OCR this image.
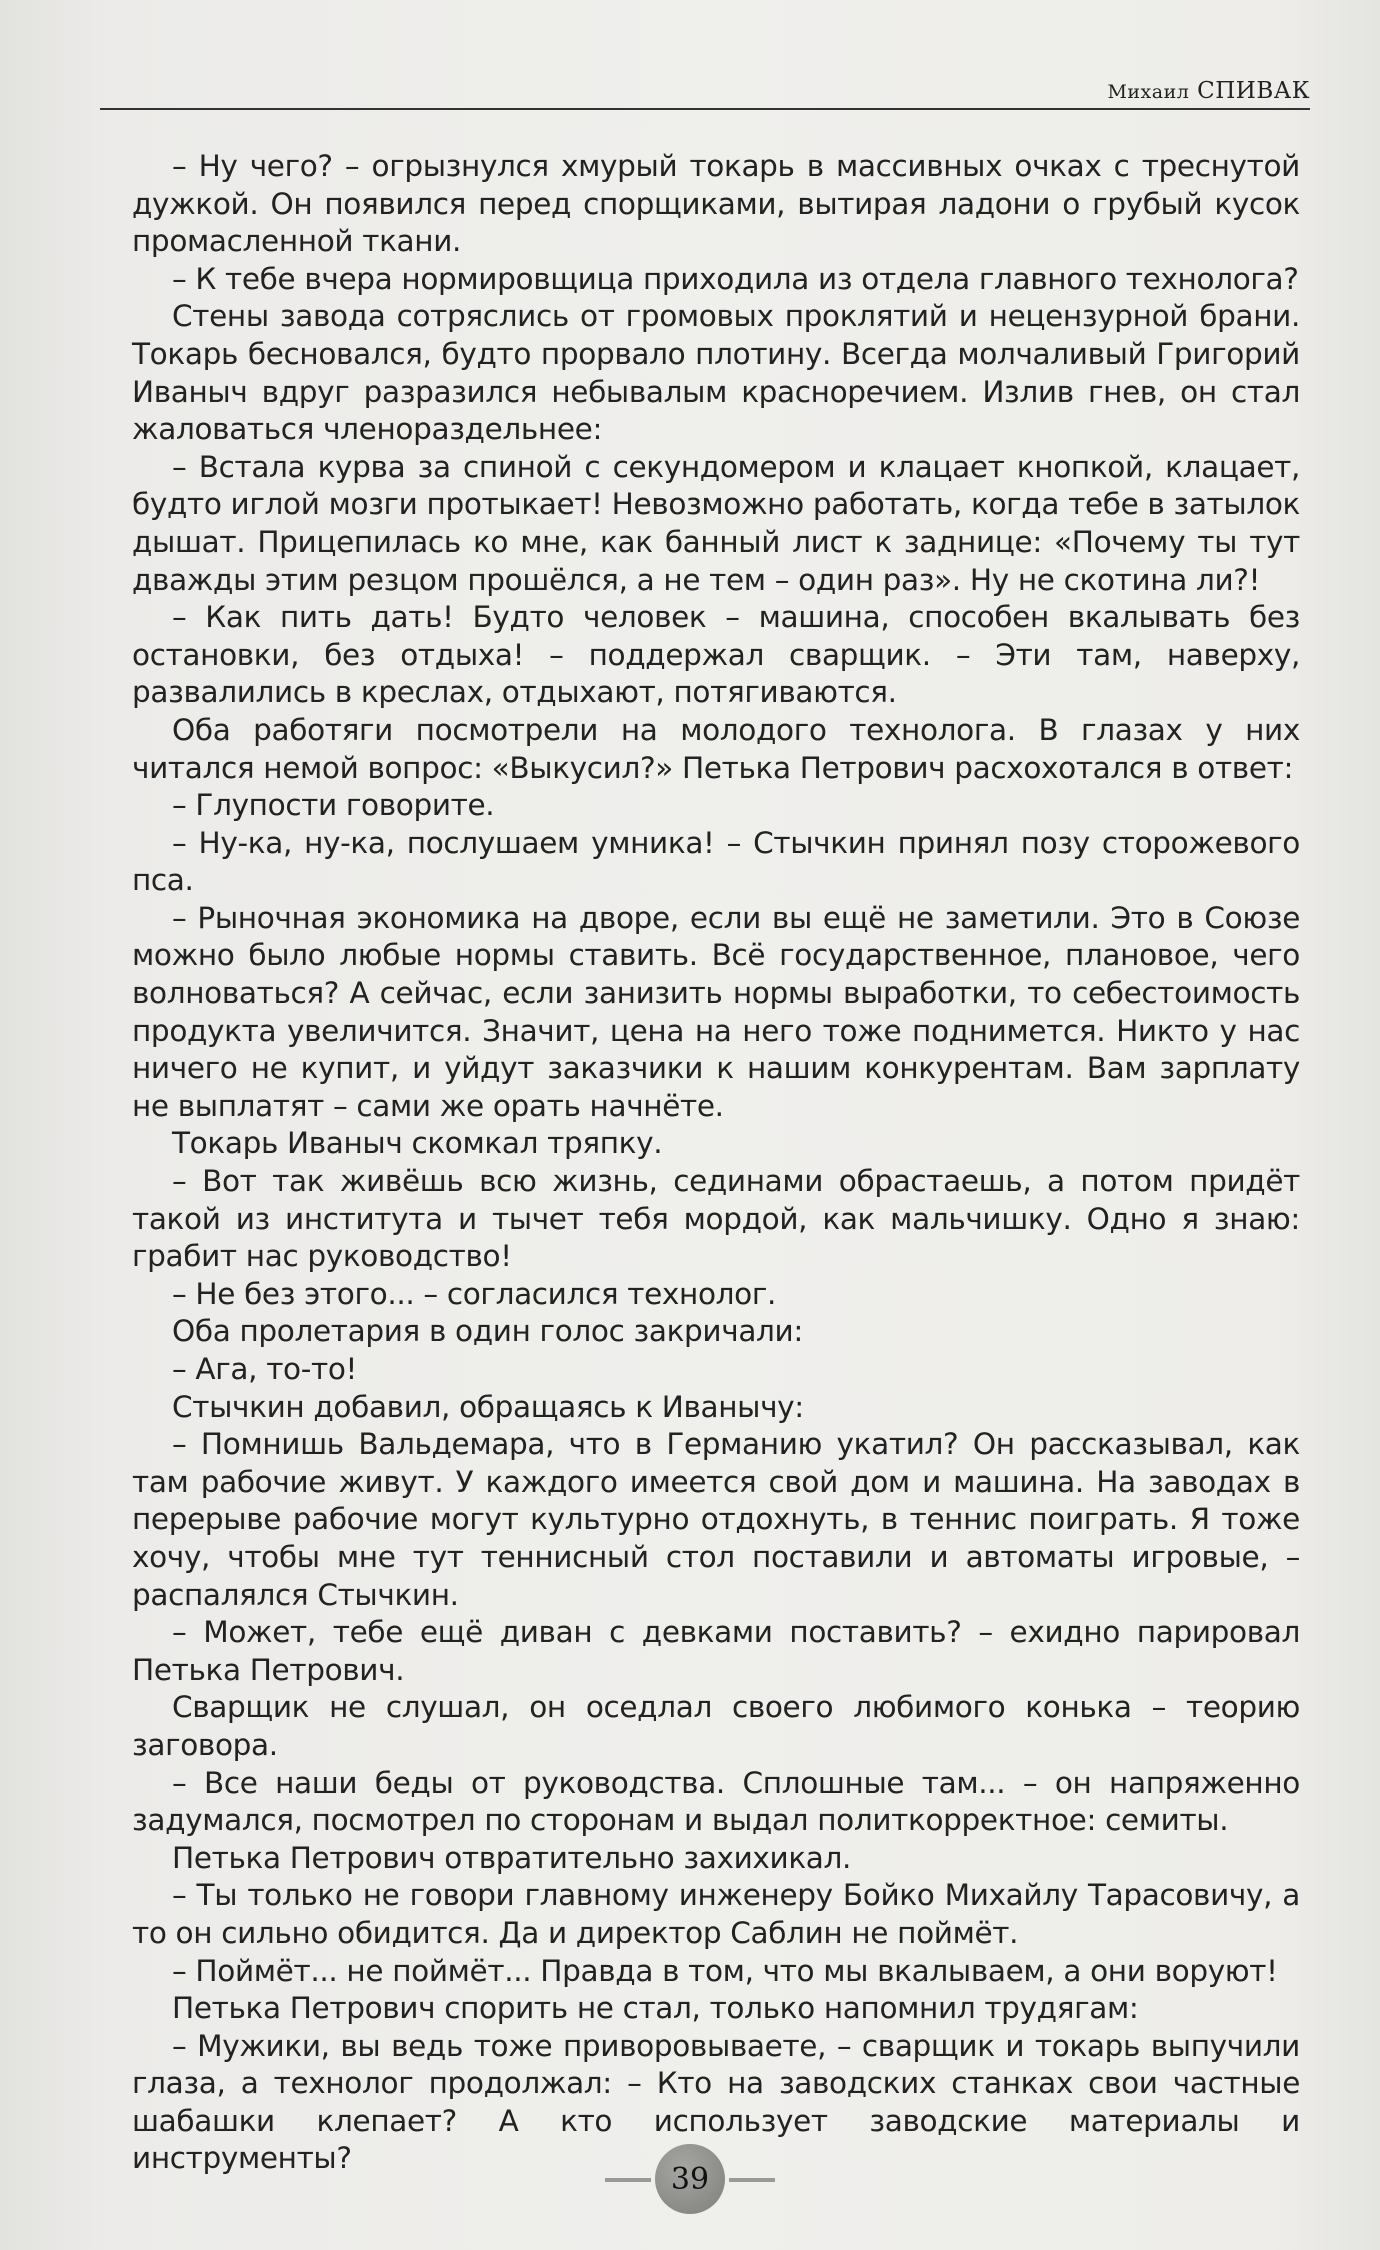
Михаил СПИВАК

– Ну чего? – огрызнулся хмурый токарь в массивных очках с треснутой дужкой. Он появился перед спорщиками, вытирая ладони о грубый кусок промасленной ткани.

– К тебе вчера нормировщица приходила из отдела главного технолога?

Стены завода сотряслись от громовых проклятий и нецензурной брани. Токарь бесновался, будто прорвало плотину. Всегда молчаливый Григорий Иваныч вдруг разразился небывалым красноречием. Излив гнев, он стал жаловаться членораздельнее:

– Встала курва за спиной с секундомером и клацает кнопкой, клацает, будто иглой мозги протыкает! Невозможно работать, когда тебе в затылок дышат. Прицепилась ко мне, как банный лист к заднице: «Почему ты тут дважды этим резцом прошёлся, а не тем – один раз». Ну не скотина ли?!

– Как пить дать! Будто человек – машина, способен вкалывать без остановки, без отдыха! – поддержал сварщик. – Эти там, наверху, развалились в креслах, отдыхают, потягиваются.

Оба работяги посмотрели на молодого технолога. В глазах у них читался немой вопрос: «Выкусил?» Петька Петрович расхохотался в ответ:

– Глупости говорите.

– Ну-ка, ну-ка, послушаем умника! – Стычкин принял позу сторожевого пса.

– Рыночная экономика на дворе, если вы ещё не заметили. Это в Союзе можно было любые нормы ставить. Всё государственное, плановое, чего волноваться? А сейчас, если занизить нормы выработки, то себестоимость продукта увеличится. Значит, цена на него тоже поднимется. Никто у нас ничего не купит, и уйдут заказчики к нашим конкурентам. Вам зарплату не выплатят – сами же орать начнёте.

Токарь Иваныч скомкал тряпку.

– Вот так живёшь всю жизнь, сединами обрастаешь, а потом придёт такой из института и тычет тебя мордой, как мальчишку. Одно я знаю: грабит нас руководство!

– Не без этого... – согласился технолог.

Оба пролетария в один голос закричали:

– Ага, то-то!

Стычкин добавил, обращаясь к Иванычу:

– Помнишь Вальдемара, что в Германию укатил? Он рассказывал, как там рабочие живут. У каждого имеется свой дом и машина. На заводах в перерыве рабочие могут культурно отдохнуть, в теннис поиграть. Я тоже хочу, чтобы мне тут теннисный стол поставили и автоматы игровые, – распалялся Стычкин.

– Может, тебе ещё диван с девками поставить? – ехидно парировал Петька Петрович.

Сварщик не слушал, он оседлал своего любимого конька – теорию заговора.

– Все наши беды от руководства. Сплошные там... – он напряженно задумался, посмотрел по сторонам и выдал политкорректное: семиты.

Петька Петрович отвратительно захихикал.

– Ты только не говори главному инженеру Бойко Михайлу Тарасовичу, а то он сильно обидится. Да и директор Саблин не поймёт.

– Поймёт... не поймёт... Правда в том, что мы вкалываем, а они воруют!

Петька Петрович спорить не стал, только напомнил трудягам:

– Мужики, вы ведь тоже приворовываете, – сварщик и токарь выпучили глаза, а технолог продолжал: – Кто на заводских станках свои частные шабашки клепает? А кто использует заводские материалы и инструменты?

39
